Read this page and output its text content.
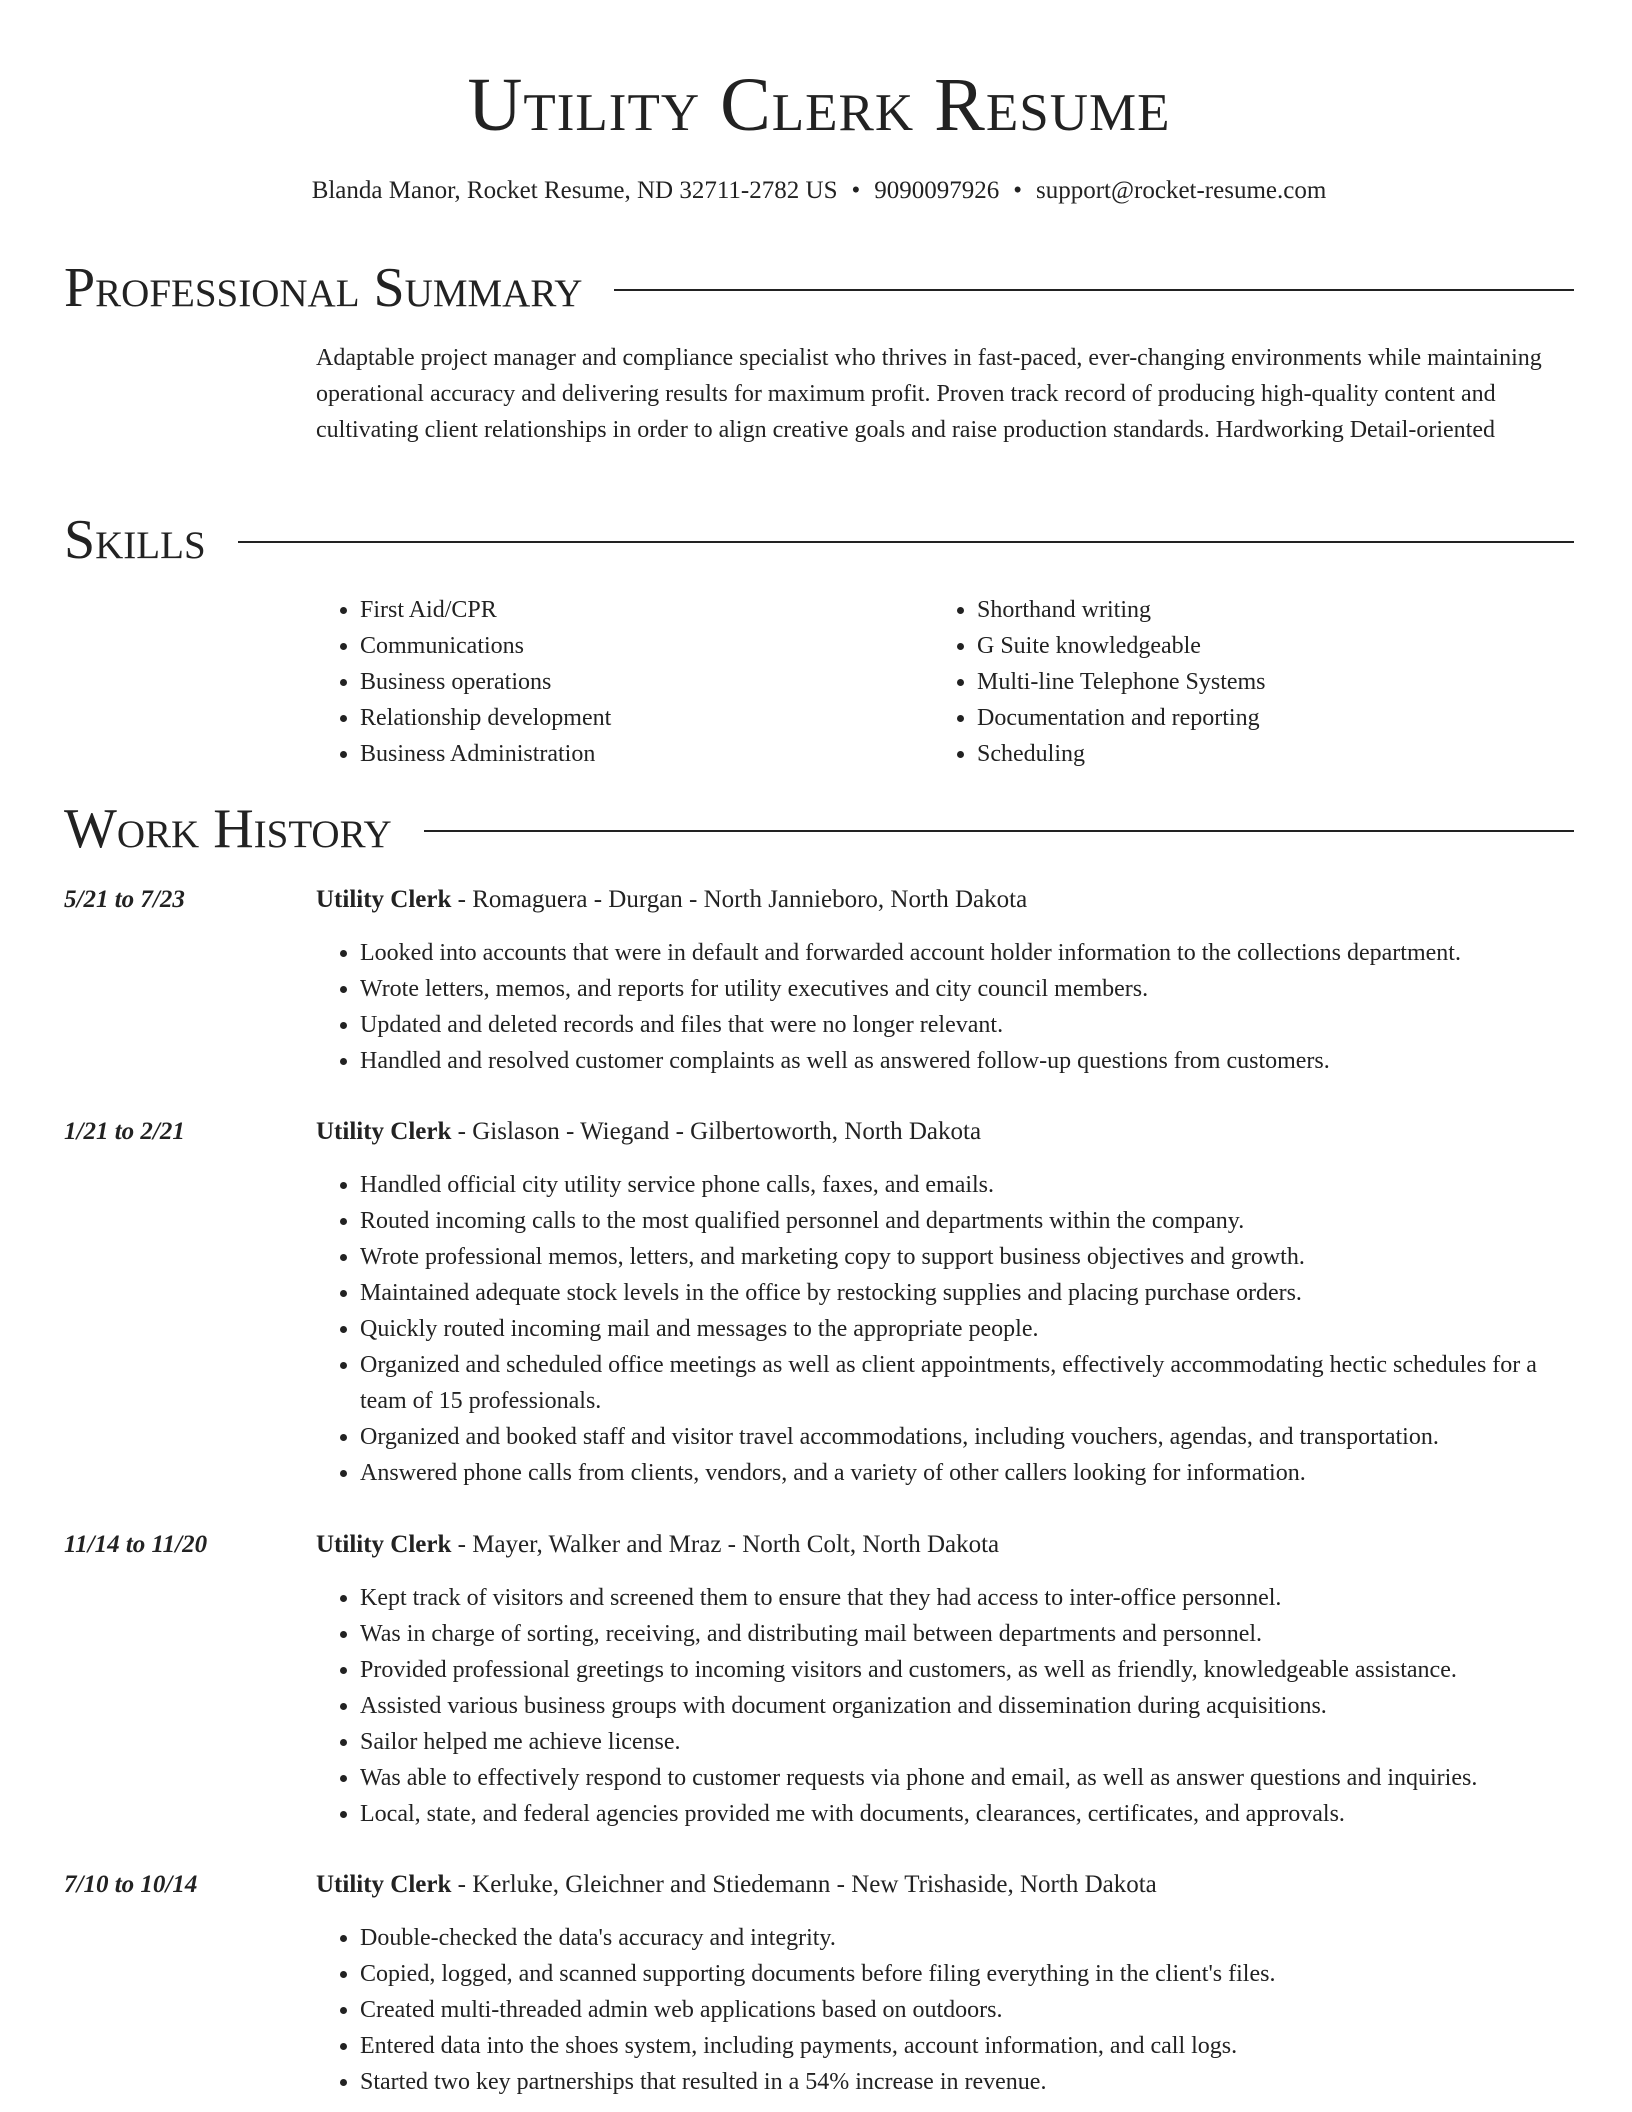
Utility Clerk Resume
Blanda Manor, Rocket Resume, ND 32711-2782 US • 9090097926 • support@rocket-resume.com
Professional Summary

Adaptable project manager and compliance specialist who thrives in fast-paced, ever-changing environments while maintaining operational accuracy and delivering results for maximum profit. Proven track record of producing high-quality content and cultivating client relationships in order to align creative goals and raise production standards. Hardworking Detail-oriented

Skills
• First Aid/CPR
• Communications
• Business operations
• Relationship development
• Business Administration
• Shorthand writing
• G Suite knowledgeable
• Multi-line Telephone Systems
• Documentation and reporting
• Scheduling
Work History
5/21 to 7/23	Utility Clerk - Romaguera - Durgan - North Jannieboro, North Dakota
• Looked into accounts that were in default and forwarded account holder information to the collections department.
• Wrote letters, memos, and reports for utility executives and city council members.
• Updated and deleted records and files that were no longer relevant.
• Handled and resolved customer complaints as well as answered follow-up questions from customers.
1/21 to 2/21	Utility Clerk - Gislason - Wiegand - Gilbertoworth, North Dakota
• Handled official city utility service phone calls, faxes, and emails.
• Routed incoming calls to the most qualified personnel and departments within the company.
• Wrote professional memos, letters, and marketing copy to support business objectives and growth.
• Maintained adequate stock levels in the office by restocking supplies and placing purchase orders.
• Quickly routed incoming mail and messages to the appropriate people.
• Organized and scheduled office meetings as well as client appointments, effectively accommodating hectic schedules for a team of 15 professionals.
• Organized and booked staff and visitor travel accommodations, including vouchers, agendas, and transportation.
• Answered phone calls from clients, vendors, and a variety of other callers looking for information.
11/14 to 11/20	Utility Clerk - Mayer, Walker and Mraz - North Colt, North Dakota
• Kept track of visitors and screened them to ensure that they had access to inter-office personnel.
• Was in charge of sorting, receiving, and distributing mail between departments and personnel.
• Provided professional greetings to incoming visitors and customers, as well as friendly, knowledgeable assistance.
• Assisted various business groups with document organization and dissemination during acquisitions.
• Sailor helped me achieve license.
• Was able to effectively respond to customer requests via phone and email, as well as answer questions and inquiries.
• Local, state, and federal agencies provided me with documents, clearances, certificates, and approvals.
7/10 to 10/14	Utility Clerk - Kerluke, Gleichner and Stiedemann - New Trishaside, North Dakota
• Double-checked the data's accuracy and integrity.
• Copied, logged, and scanned supporting documents before filing everything in the client's files.
• Created multi-threaded admin web applications based on outdoors.
• Entered data into the shoes system, including payments, account information, and call logs.
• Started two key partnerships that resulted in a 54% increase in revenue.
